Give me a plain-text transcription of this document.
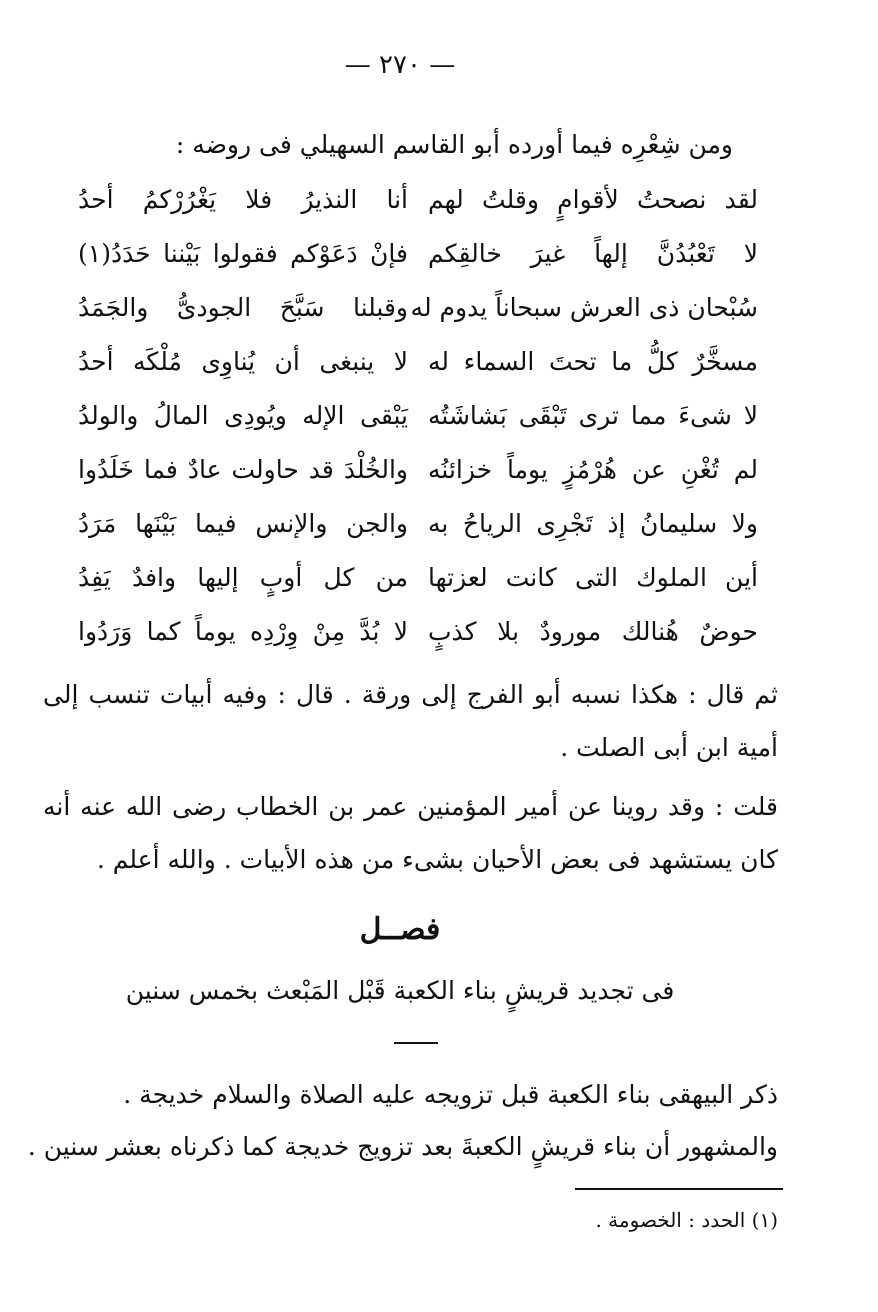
— ٢٧٠ —
ومن شِعْرِه فيما أورده أبو القاسم السهيلي فى روضه :
لقد نصحتُ لأقوامٍ وقلتُ لهم
أنا النذيرُ فلا يَغْرُرْكمُ أحدُ
لا تَعْبُدُنَّ إلهاً غيرَ خالقِكم
فإنْ دَعَوْكم فقولوا بَيْننا حَدَدُ(١)
سُبْحان ذى العرش سبحاناً يدوم له
وقبلنا سَبَّحَ الجودىُّ والجَمَدُ
مسخَّرٌ كلُّ ما تحتَ السماء له
لا ينبغى أن يُناوِى مُلْكَه أحدُ
لا شىءَ مما ترى تَبْقَى بَشاشَتُه
يَبْقى الإله ويُودِى المالُ والولدُ
لم تُغْنِ عن هُرْمُزٍ يوماً خزائنُه
والخُلْدَ قد حاولت عادٌ فما خَلَدُوا
ولا سليمانُ إذ تَجْرِى الرياحُ به
والجن والإنس فيما بَيْنَها مَرَدُ
أين الملوك التى كانت لعزتها
من كل أوبٍ إليها وافدٌ يَفِدُ
حوضٌ هُنالك مورودٌ بلا كذبٍ
لا بُدَّ مِنْ وِرْدِه يوماً كما وَرَدُوا
ثم قال : هكذا نسبه أبو الفرج إلى ورقة . قال : وفيه أبيات تنسب إلى أمية ابن أبى الصلت .
قلت : وقد روينا عن أمير المؤمنين عمر بن الخطاب رضى الله عنه أنه كان يستشهد فى بعض الأحيان بشىء من هذه الأبيات . والله أعلم .
فصــل
فى تجديد قريشٍ بناء الكعبة قَبْل المَبْعث بخمس سنين
ذكر البيهقى بناء الكعبة قبل تزويجه عليه الصلاة والسلام خديجة .
والمشهور أن بناء قريشٍ الكعبةَ بعد تزويج خديجة كما ذكرناه بعشر سنين .
(١) الحدد : الخصومة .
